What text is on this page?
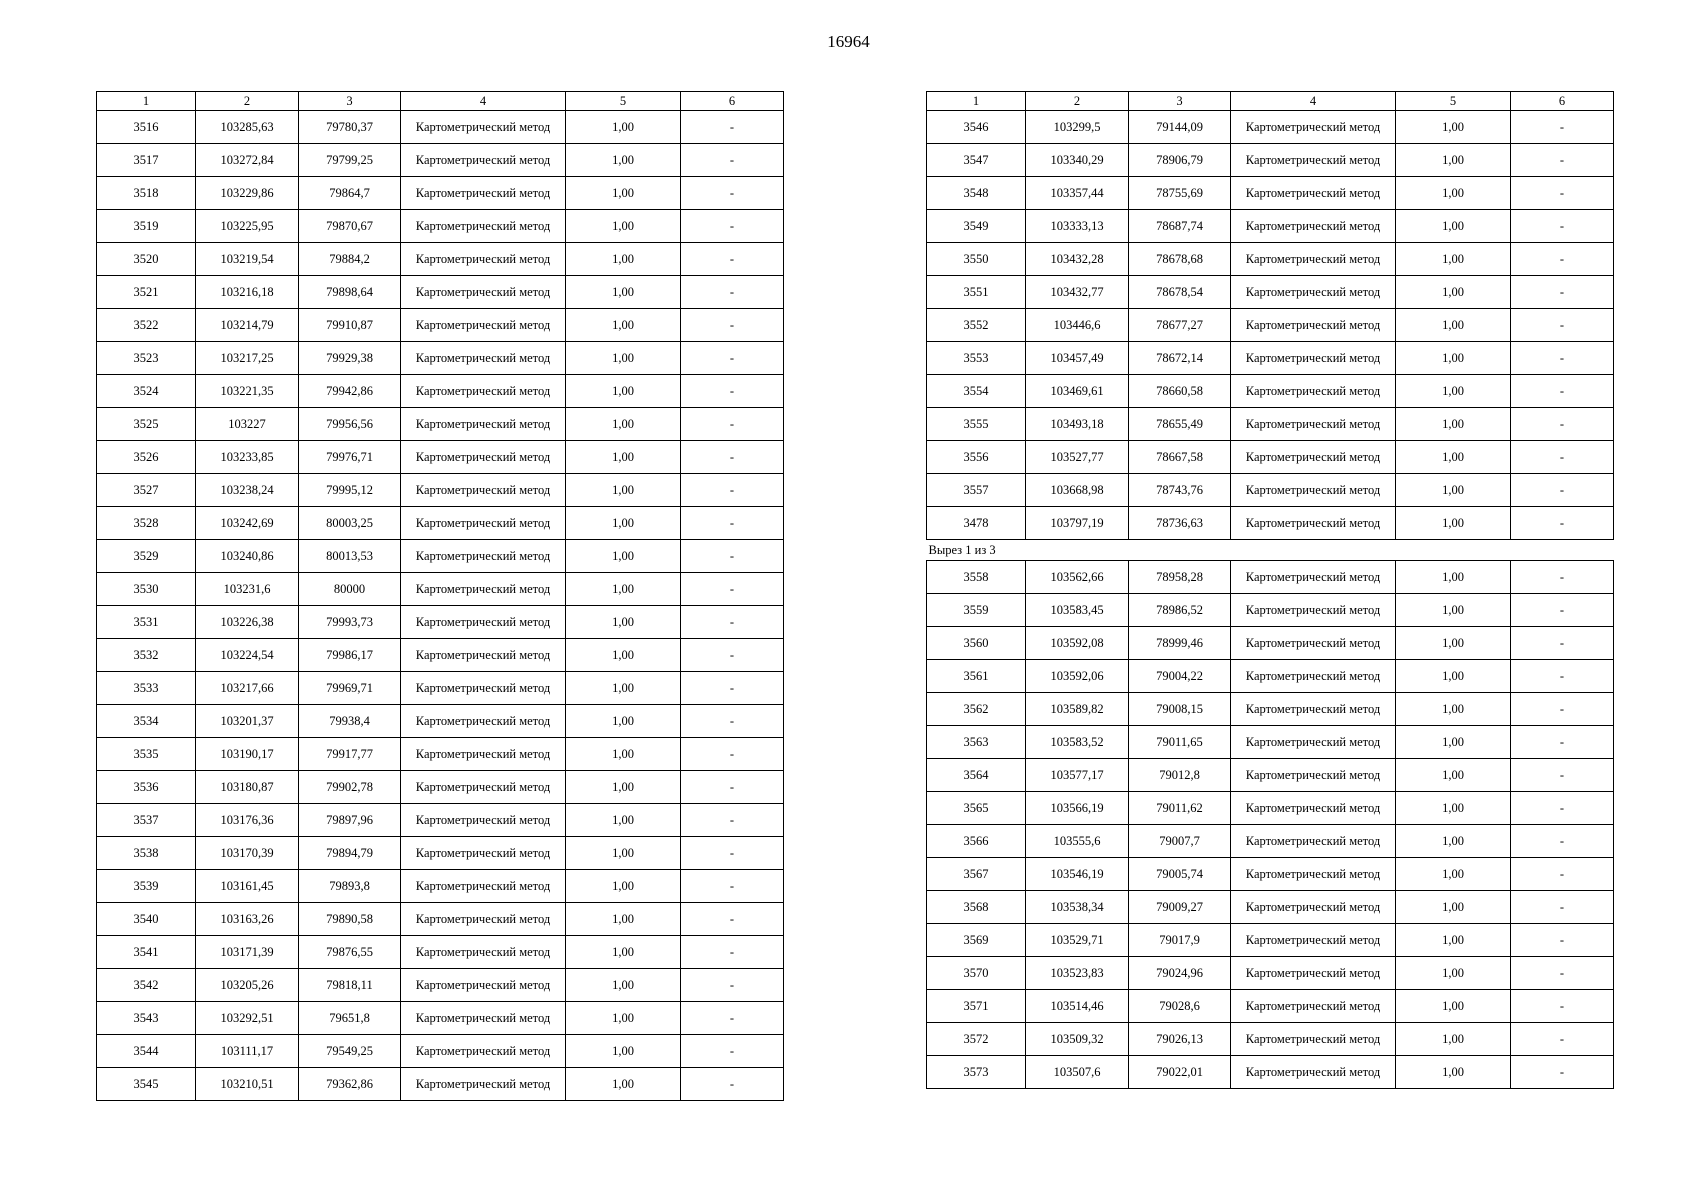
16964
1	2	3	4	5	6
3516	103285,63	79780,37	Картометрический метод	1,00	-
3517	103272,84	79799,25	Картометрический метод	1,00	-
3518	103229,86	79864,7	Картометрический метод	1,00	-
3519	103225,95	79870,67	Картометрический метод	1,00	-
3520	103219,54	79884,2	Картометрический метод	1,00	-
3521	103216,18	79898,64	Картометрический метод	1,00	-
3522	103214,79	79910,87	Картометрический метод	1,00	-
3523	103217,25	79929,38	Картометрический метод	1,00	-
3524	103221,35	79942,86	Картометрический метод	1,00	-
3525	103227	79956,56	Картометрический метод	1,00	-
3526	103233,85	79976,71	Картометрический метод	1,00	-
3527	103238,24	79995,12	Картометрический метод	1,00	-
3528	103242,69	80003,25	Картометрический метод	1,00	-
3529	103240,86	80013,53	Картометрический метод	1,00	-
3530	103231,6	80000	Картометрический метод	1,00	-
3531	103226,38	79993,73	Картометрический метод	1,00	-
3532	103224,54	79986,17	Картометрический метод	1,00	-
3533	103217,66	79969,71	Картометрический метод	1,00	-
3534	103201,37	79938,4	Картометрический метод	1,00	-
3535	103190,17	79917,77	Картометрический метод	1,00	-
3536	103180,87	79902,78	Картометрический метод	1,00	-
3537	103176,36	79897,96	Картометрический метод	1,00	-
3538	103170,39	79894,79	Картометрический метод	1,00	-
3539	103161,45	79893,8	Картометрический метод	1,00	-
3540	103163,26	79890,58	Картометрический метод	1,00	-
3541	103171,39	79876,55	Картометрический метод	1,00	-
3542	103205,26	79818,11	Картометрический метод	1,00	-
3543	103292,51	79651,8	Картометрический метод	1,00	-
3544	103111,17	79549,25	Картометрический метод	1,00	-
3545	103210,51	79362,86	Картометрический метод	1,00	-
1	2	3	4	5	6
3546	103299,5	79144,09	Картометрический метод	1,00	-
3547	103340,29	78906,79	Картометрический метод	1,00	-
3548	103357,44	78755,69	Картометрический метод	1,00	-
3549	103333,13	78687,74	Картометрический метод	1,00	-
3550	103432,28	78678,68	Картометрический метод	1,00	-
3551	103432,77	78678,54	Картометрический метод	1,00	-
3552	103446,6	78677,27	Картометрический метод	1,00	-
3553	103457,49	78672,14	Картометрический метод	1,00	-
3554	103469,61	78660,58	Картометрический метод	1,00	-
3555	103493,18	78655,49	Картометрический метод	1,00	-
3556	103527,77	78667,58	Картометрический метод	1,00	-
3557	103668,98	78743,76	Картометрический метод	1,00	-
3478	103797,19	78736,63	Картометрический метод	1,00	-
Вырез 1 из 3					
3558	103562,66	78958,28	Картометрический метод	1,00	-
3559	103583,45	78986,52	Картометрический метод	1,00	-
3560	103592,08	78999,46	Картометрический метод	1,00	-
3561	103592,06	79004,22	Картометрический метод	1,00	-
3562	103589,82	79008,15	Картометрический метод	1,00	-
3563	103583,52	79011,65	Картометрический метод	1,00	-
3564	103577,17	79012,8	Картометрический метод	1,00	-
3565	103566,19	79011,62	Картометрический метод	1,00	-
3566	103555,6	79007,7	Картометрический метод	1,00	-
3567	103546,19	79005,74	Картометрический метод	1,00	-
3568	103538,34	79009,27	Картометрический метод	1,00	-
3569	103529,71	79017,9	Картометрический метод	1,00	-
3570	103523,83	79024,96	Картометрический метод	1,00	-
3571	103514,46	79028,6	Картометрический метод	1,00	-
3572	103509,32	79026,13	Картометрический метод	1,00	-
3573	103507,6	79022,01	Картометрический метод	1,00	-
